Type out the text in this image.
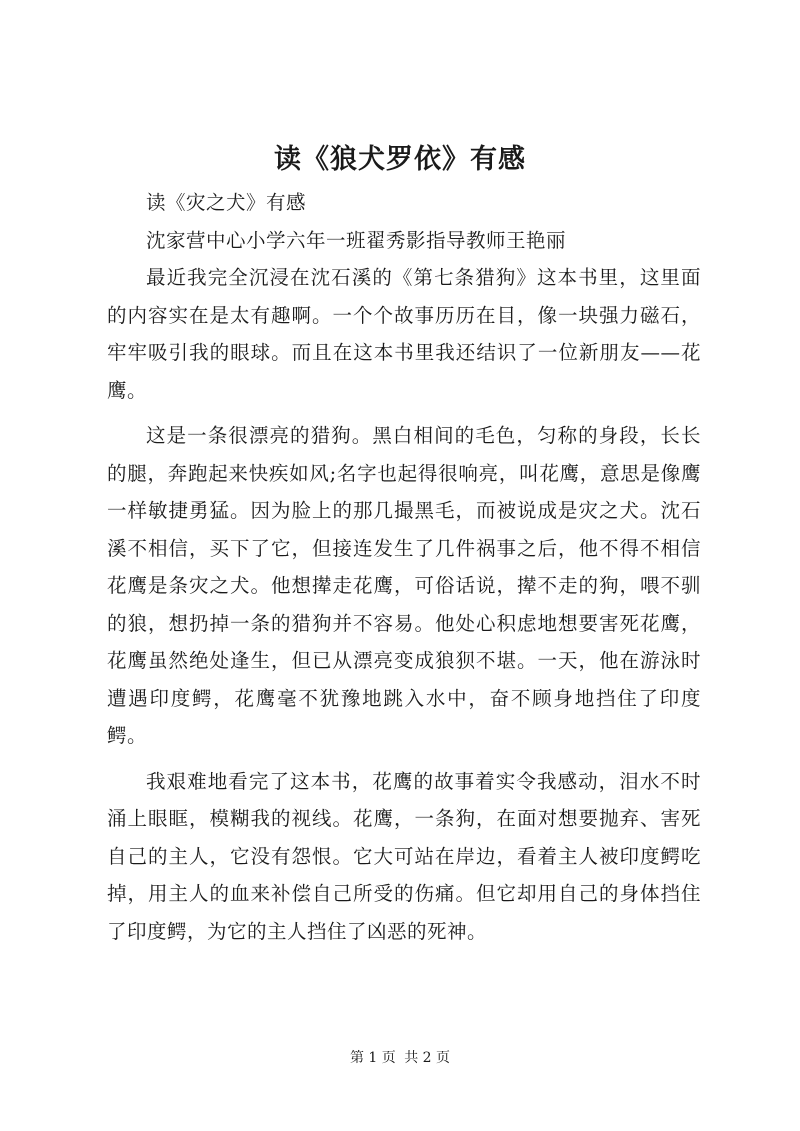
读《狼犬罗依》有感

读《灾之犬》有感

沈家营中心小学六年一班翟秀影指导教师王艳丽

最近我完全沉浸在沈石溪的《第七条猎狗》这本书里，这里面的内容实在是太有趣啊。一个个故事历历在目，像一块强力磁石，牢牢吸引我的眼球。而且在这本书里我还结识了一位新朋友——花鹰。

这是一条很漂亮的猎狗。黑白相间的毛色，匀称的身段，长长的腿，奔跑起来快疾如风;名字也起得很响亮，叫花鹰，意思是像鹰一样敏捷勇猛。因为脸上的那几撮黑毛，而被说成是灾之犬。沈石溪不相信，买下了它，但接连发生了几件祸事之后，他不得不相信花鹰是条灾之犬。他想撵走花鹰，可俗话说，撵不走的狗，喂不驯的狼，想扔掉一条的猎狗并不容易。他处心积虑地想要害死花鹰，花鹰虽然绝处逢生，但已从漂亮变成狼狈不堪。一天，他在游泳时遭遇印度鳄，花鹰毫不犹豫地跳入水中，奋不顾身地挡住了印度鳄。

我艰难地看完了这本书，花鹰的故事着实令我感动，泪水不时涌上眼眶，模糊我的视线。花鹰，一条狗，在面对想要抛弃、害死自己的主人，它没有怨恨。它大可站在岸边，看着主人被印度鳄吃掉，用主人的血来补偿自己所受的伤痛。但它却用自己的身体挡住了印度鳄，为它的主人挡住了凶恶的死神。

第 1 页 共 2 页
